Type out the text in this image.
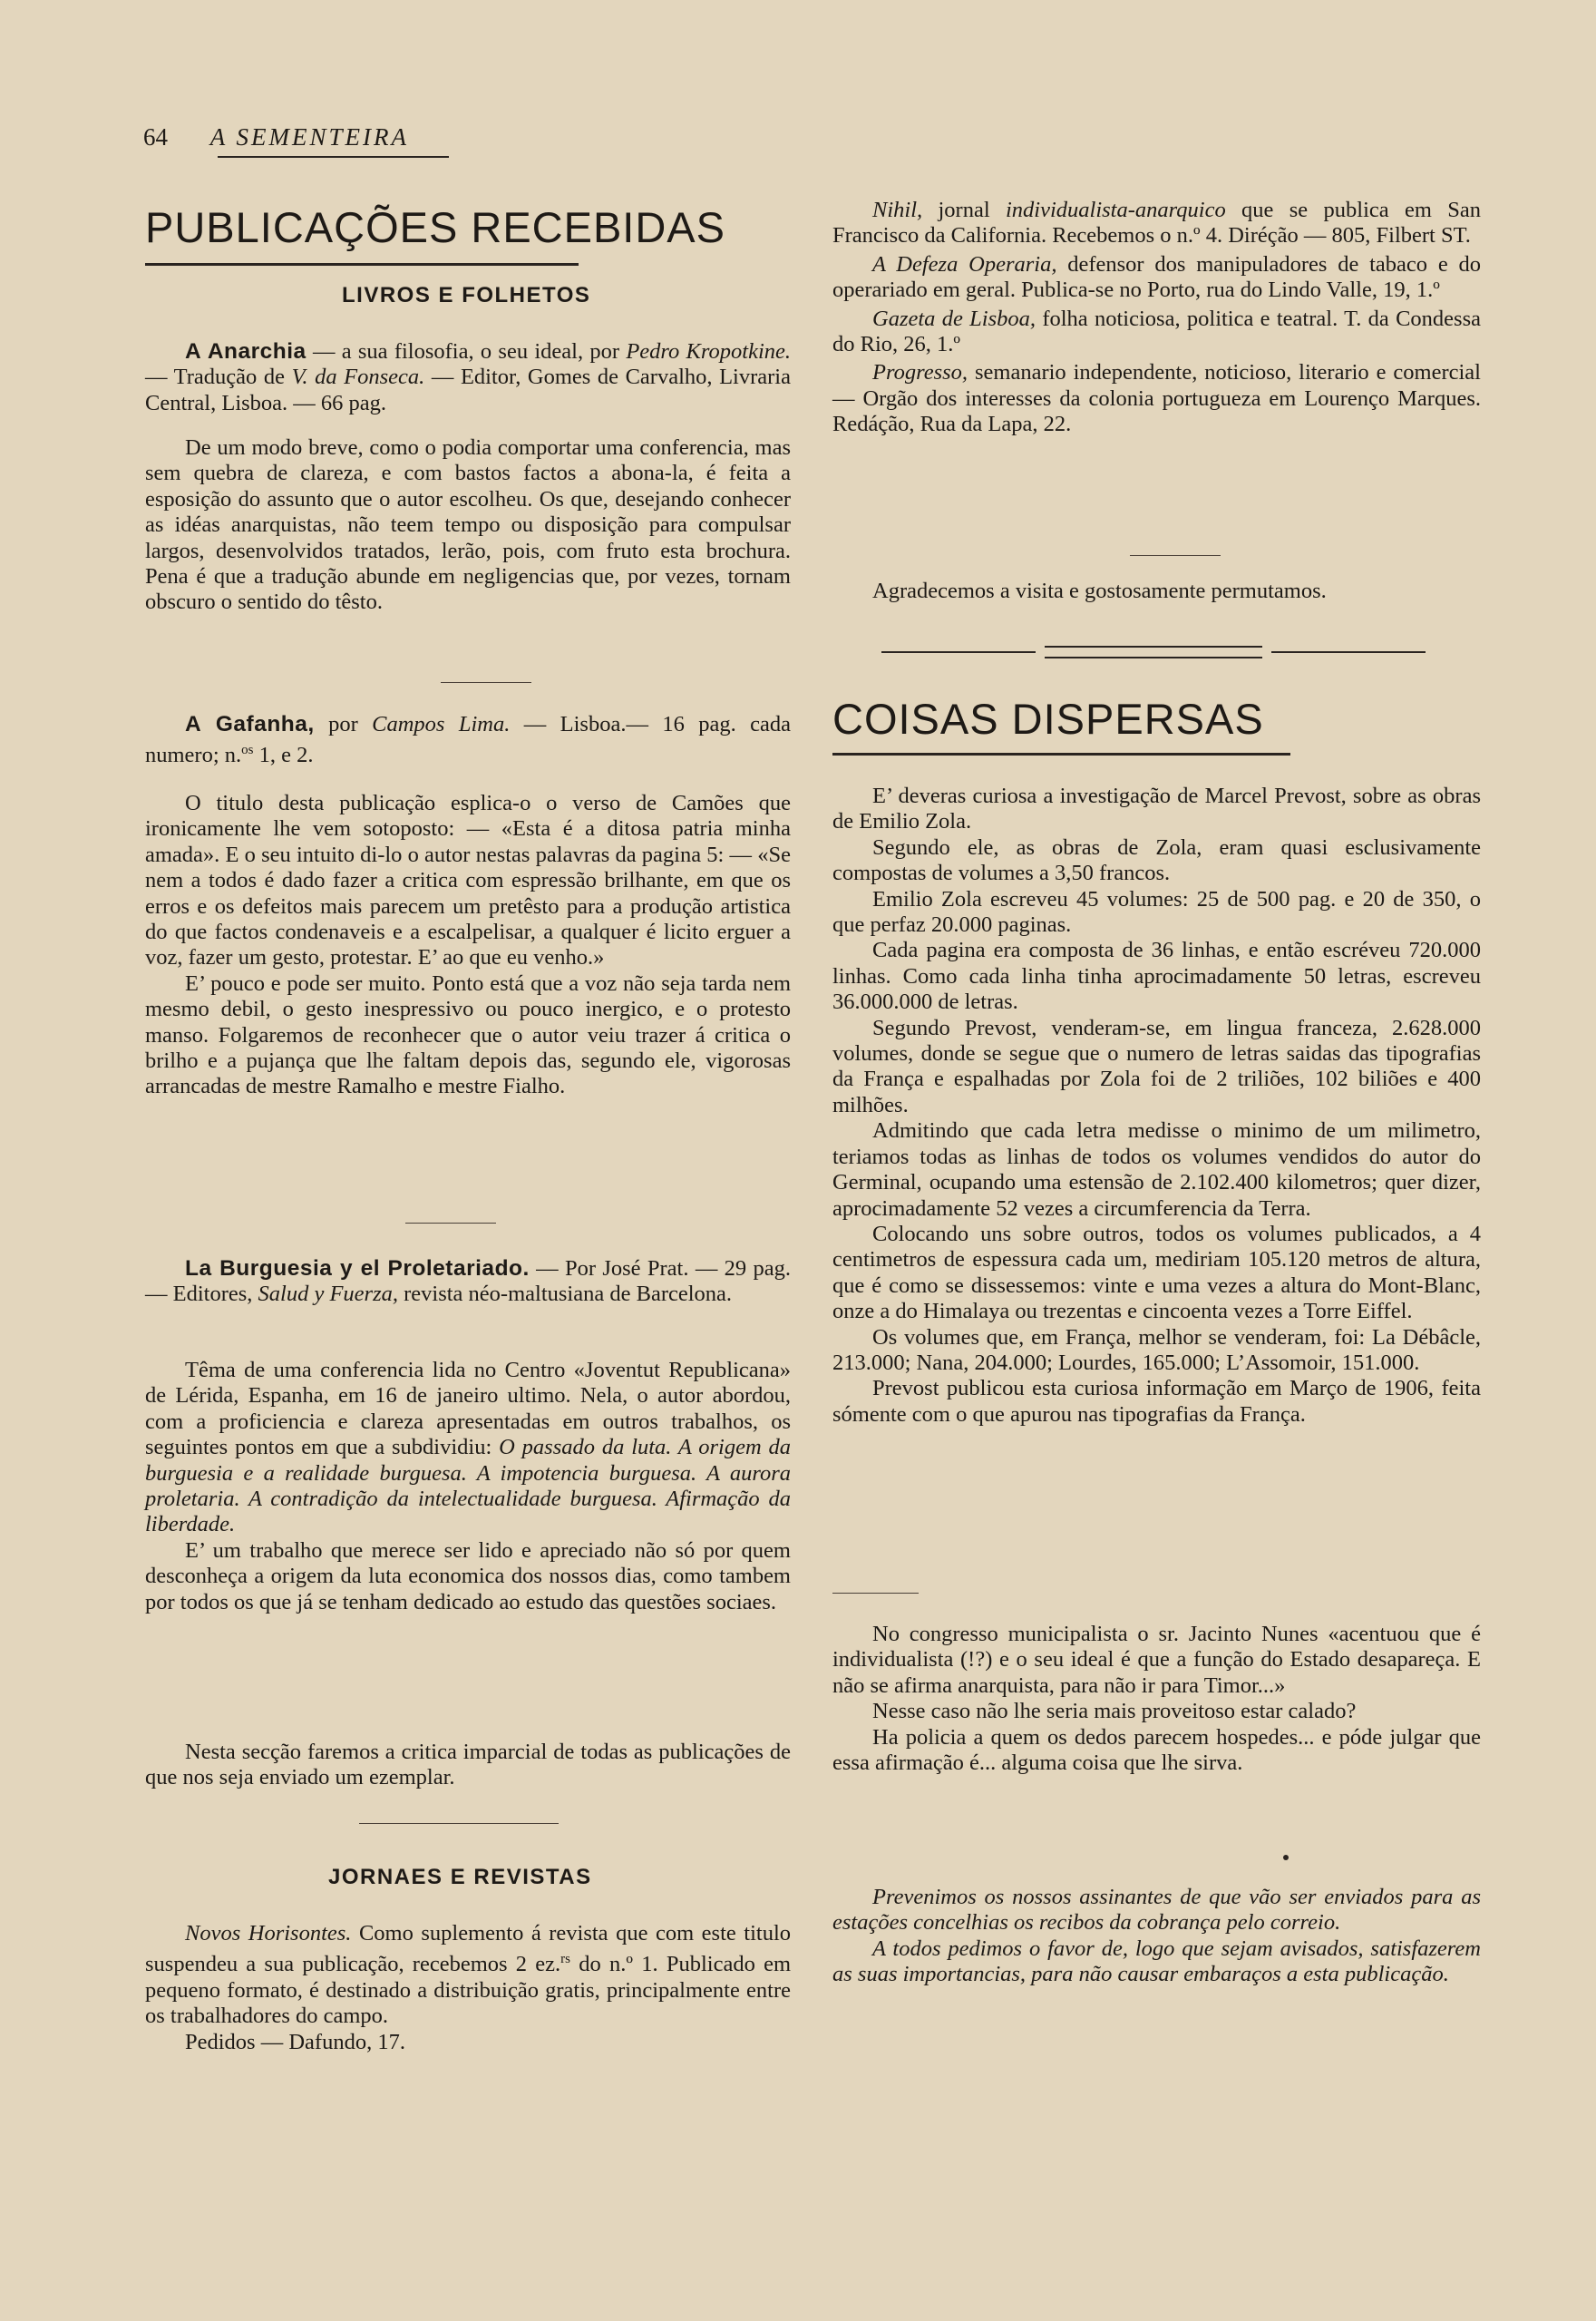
64 A SEMENTEIRA
PUBLICAÇÕES RECEBIDAS
LIVROS E FOLHETOS

A Anarchia — a sua filosofia, o seu ideal, por Pedro Kropotkine. — Tradução de V. da Fonseca. — Editor, Gomes de Carvalho, Livraria Central, Lisboa. — 66 pag.

De um modo breve, como o podia comportar uma conferencia, mas sem quebra de clareza, e com bastos factos a abona-la, é feita a esposição do assunto que o autor escolheu. Os que, desejando conhecer as idéas anarquistas, não teem tempo ou disposição para compulsar largos, desenvolvidos tratados, lerão, pois, com fruto esta brochura. Pena é que a tradução abunde em negligencias que, por vezes, tornam obscuro o sentido do têsto.

A Gafanha, por Campos Lima. — Lisboa.— 16 pag. cada numero; n.$^{os}$ 1, e 2.

O titulo desta publicação esplica-o o verso de Camões que ironicamente lhe vem sotoposto: — «Esta é a ditosa patria minha amada». E o seu intuito di-lo o autor nestas palavras da pagina 5: — «Se nem a todos é dado fazer a critica com espressão brilhante, em que os erros e os defeitos mais parecem um pretêsto para a produção artistica do que factos condenaveis e a escalpelisar, a qualquer é licito erguer a voz, fazer um gesto, protestar. E’ ao que eu venho.»

E’ pouco e pode ser muito. Ponto está que a voz não seja tarda nem mesmo debil, o gesto inespressivo ou pouco inergico, e o protesto manso. Folgaremos de reconhecer que o autor veiu trazer á critica o brilho e a pujança que lhe faltam depois das, segundo ele, vigorosas arrancadas de mestre Ramalho e mestre Fialho.

La Burguesia y el Proletariado. — Por José Prat. — 29 pag. — Editores, Salud y Fuerza, revista néo-maltusiana de Barcelona.

Têma de uma conferencia lida no Centro «Joventut Republicana» de Lérida, Espanha, em 16 de janeiro ultimo. Nela, o autor abordou, com a proficiencia e clareza apresentadas em outros trabalhos, os seguintes pontos em que a subdividiu: O passado da luta. A origem da burguesia e a realidade burguesa. A impotencia burguesa. A aurora proletaria. A contradição da intelectualidade burguesa. Afirmação da liberdade.

E’ um trabalho que merece ser lido e apreciado não só por quem desconheça a origem da luta economica dos nossos dias, como tambem por todos os que já se tenham dedicado ao estudo das questões sociaes.

Nesta secção faremos a critica imparcial de todas as publicações de que nos seja enviado um ezemplar.

JORNAES E REVISTAS

Novos Horisontes. Como suplemento á revista que com este titulo suspendeu a sua publicação, recebemos 2 ez.$^{rs}$ do n.º 1. Publicado em pequeno formato, é destinado a distribuição gratis, principalmente entre os trabalhadores do campo.

Pedidos — Dafundo, 17.

Nihil, jornal individualista-anarquico que se publica em San Francisco da California. Recebemos o n.º 4. Diréção — 805, Filbert ST.

A Defeza Operaria, defensor dos manipuladores de tabaco e do operariado em geral. Publica-se no Porto, rua do Lindo Valle, 19, 1.º

Gazeta de Lisboa, folha noticiosa, politica e teatral. T. da Condessa do Rio, 26, 1.º

Progresso, semanario independente, noticioso, literario e comercial — Orgão dos interesses da colonia portugueza em Lourenço Marques. Redáção, Rua da Lapa, 22.

Agradecemos a visita e gostosamente permutamos.

COISAS DISPERSAS

E’ deveras curiosa a investigação de Marcel Prevost, sobre as obras de Emilio Zola.

Segundo ele, as obras de Zola, eram quasi esclusivamente compostas de volumes a 3,50 francos.

Emilio Zola escreveu 45 volumes: 25 de 500 pag. e 20 de 350, o que perfaz 20.000 paginas.

Cada pagina era composta de 36 linhas, e então escréveu 720.000 linhas. Como cada linha tinha aprocimadamente 50 letras, escreveu 36.000.000 de letras.

Segundo Prevost, venderam-se, em lingua franceza, 2.628.000 volumes, donde se segue que o numero de letras saidas das tipografias da França e espalhadas por Zola foi de 2 triliões, 102 biliões e 400 milhões.

Admitindo que cada letra medisse o minimo de um milimetro, teriamos todas as linhas de todos os volumes vendidos do autor do Germinal, ocupando uma estensão de 2.102.400 kilometros; quer dizer, aprocimadamente 52 vezes a circumferencia da Terra.

Colocando uns sobre outros, todos os volumes publicados, a 4 centimetros de espessura cada um, mediriam 105.120 metros de altura, que é como se dissessemos: vinte e uma vezes a altura do Mont-Blanc, onze a do Himalaya ou trezentas e cincoenta vezes a Torre Eiffel.

Os volumes que, em França, melhor se venderam, foi: La Débâcle, 213.000; Nana, 204.000; Lourdes, 165.000; L’Assomoir, 151.000.

Prevost publicou esta curiosa informação em Março de 1906, feita sómente com o que apurou nas tipografias da França.

No congresso municipalista o sr. Jacinto Nunes «acentuou que é individualista (!?) e o seu ideal é que a função do Estado desapareça. E não se afirma anarquista, para não ir para Timor...»

Nesse caso não lhe seria mais proveitoso estar calado?

Ha policia a quem os dedos parecem hospedes... e póde julgar que essa afirmação é... alguma coisa que lhe sirva.

Prevenimos os nossos assinantes de que vão ser enviados para as estações concelhias os recibos da cobrança pelo correio.

A todos pedimos o favor de, logo que sejam avisados, satisfazerem as suas importancias, para não causar embaraços a esta publicação.
